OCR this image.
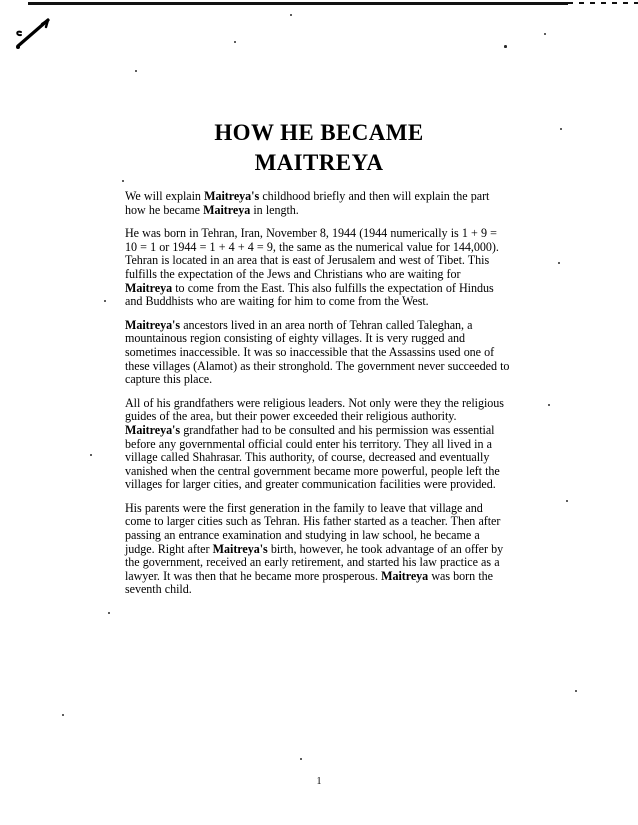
HOW HE BECAME
MAITREYA

We will explain Maitreya's childhood briefly and then will explain the part how he became Maitreya in length.

He was born in Tehran, Iran, November 8, 1944 (1944 numerically is 1 + 9 = 10 = 1 or 1944 = 1 + 4 + 4 = 9, the same as the numerical value for 144,000). Tehran is located in an area that is east of Jerusalem and west of Tibet. This fulfills the expectation of the Jews and Christians who are waiting for Maitreya to come from the East. This also fulfills the expectation of Hindus and Buddhists who are waiting for him to come from the West.

Maitreya's ancestors lived in an area north of Tehran called Taleghan, a mountainous region consisting of eighty villages. It is very rugged and sometimes inaccessible. It was so inaccessible that the Assassins used one of these villages (Alamot) as their stronghold. The government never succeeded to capture this place.

All of his grandfathers were religious leaders. Not only were they the religious guides of the area, but their power exceeded their religious authority. Maitreya's grandfather had to be consulted and his permission was essential before any governmental official could enter his territory. They all lived in a village called Shahrasar. This authority, of course, decreased and eventually vanished when the central government became more powerful, people left the villages for larger cities, and greater communication facilities were provided.

His parents were the first generation in the family to leave that village and come to larger cities such as Tehran. His father started as a teacher. Then after passing an entrance examination and studying in law school, he became a judge. Right after Maitreya's birth, however, he took advantage of an offer by the government, received an early retirement, and started his law practice as a lawyer. It was then that he became more prosperous. Maitreya was born the seventh child.

1
